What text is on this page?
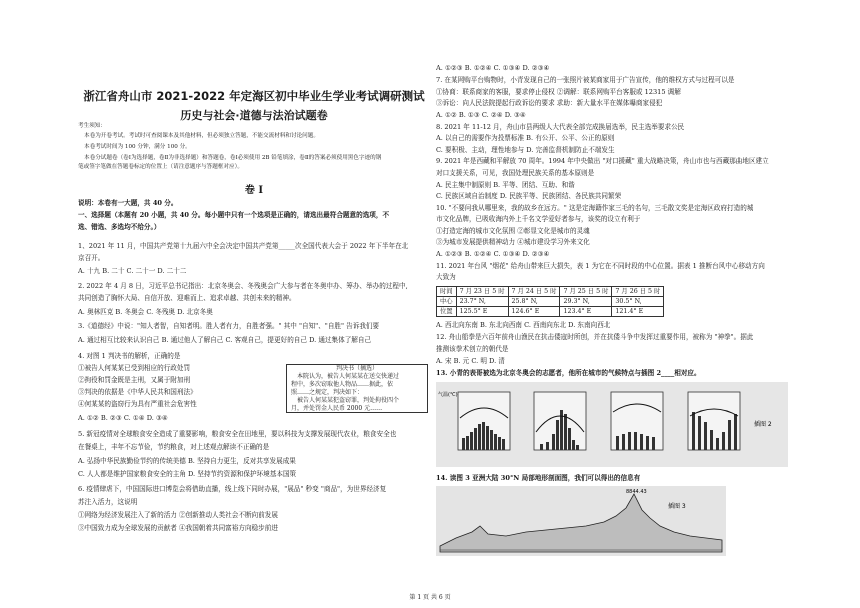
浙江省舟山市 2021-2022 年定海区初中毕业生学业考试调研测试
历史与社会·道德与法治试题卷
考生须知：
本卷为开卷考试。考试时可查阅课本及其他材料，但必须独立答题，不能交流材料和讨论问题。
本卷考试时间为 100 分钟，满分 100 分。
本卷分试题卷（卷Ⅰ为选择题，卷Ⅱ为非选择题）和答题卷，卷Ⅰ必须使用 2B 铅笔填涂，卷Ⅱ的答案必须使用黑色字迹的钢
笔或签字笔做在答题卷标定的位置上（请注意题序与答题框对应）。
卷 I
说明：本卷有一大题，共 40 分。
一、选择题（本题有 20 小题，共 40 分。每小题中只有一个选项是正确的，请选出最符合题意的选项，不
选、错选、多选均不给分。）
1、2021 年 11 月，中国共产党第十九届六中全会决定中国共产党第_____次全国代表大会于 2022 年下半年在北
京召开。
A. 十九 B. 二十 C. 二十一 D. 二十二
2. 2022 年 4 月 8 日，习近平总书记指出：北京冬奥会、冬残奥会广大参与者在冬奥申办、筹办、举办的过程中,
共同创造了胸怀大局、自信开放、迎难而上、追求卓越、共创未来的精神。
A. 奥林匹克 B. 冬奥会 C. 冬残奥 D. 北京冬奥
3.《道德经》中说："知人者智，自知者明。胜人者有力，自胜者强。" 其中 "自知"、"自胜" 告诉我们要
A. 通过相互比较来认识自己 B. 通过他人了解自己 C. 客观自己，提更好的自己 D. 通过集体了解自己
4. 对图 1 判决书的解析，正确的是
①被告人何某某已受到相应的行政处罚
②拘役和罚金既是主刑，又属于附加刑
③判决的依据是《中华人民共和国刑法》
④何某某的盗窃行为具有严重社会危害性
A. ①② B. ②③ C. ①④ D. ③④
5. 新冠疫情对全球粮食安全造成了重要影响，粮食安全在田地里，要以科技为支撑发展现代农业，粮食安全也
在餐桌上，丰年不忘节俭，节约粮食，对上述观点解读不正确的是
A. 弘扬中华民族勤俭节约的传统美德 B. 坚持自力更生，反对共享发展成果
C. 人人都是维护国家粮食安全的主角 D. 坚持节约资源和保护环境基本国策
6. 疫情肆虐下，中国国际进口博览会将借助直播，线上线下同时办展，"展品" 秒变 "商品"，为世界经济复
苏注入活力，这说明
①网络为经济发展注入了新的活力 ②创新推动人类社会不断向前发展
③中国致力成为全球发展的贡献者 ④我国朝着共同富裕方向稳步前进
判决书（摘选）
本院认为，被告人何某某在送交快递过
程中，多次窃取他人物品……据此，依
照……之规定，判决如下：
被告人何某某犯盗窃罪，判处拘役四个
月，并处罚金人民币 2000 元……
A. ①②③ B. ①②④ C. ①③④ D. ②③④
7. 在某网购平台购物时，小青发现自己的一张照片被某商家用于广告宣传，他的维权方式与过程可以是
①协商：联系商家的客服，要求停止侵权 ②调解：联系网购平台客服或 12315 调解
③诉讼：向人民法院提起行政诉讼的要求 求助：新大量水平在媒体曝商家侵犯
A. ①② B. ①③ C. ②④ D. ③④
8. 2021 年 11-12 月，舟山市县两级人大代表全部完成换届选举，民主选举要求公民
A. 以自己的需要作为投票标准 B. 有公开、公平、公正的原则
C. 要积极、主动，理性地参与 D. 完善监督机制防止不端发生
9. 2021 年是西藏和平解放 70 周年。1994 年中央做出 "对口援藏" 重大战略决策，舟山市也与西藏那曲地区建立
对口支援关系，可见，我国处理民族关系的基本原则是
A. 民主集中制原则 B. 平等、团结、互助、和谐
C. 民族区域自治制度 D. 民族平等、民族团结、各民族共同繁荣
10. "不要问我从哪里来，我的故乡在远方。" 这是定海籍作家三毛的名句，三毛散文奖是定海区政府打造的城
市文化品牌，已吸收海内外上千名文学爱好者参与，该奖的设立有利于
①打造定海的城市文化氛围 ②彰显文化是城市的灵魂
③为城市发展提供精神动力 ④城市建设学习外来文化
A. ①②③ B. ①②④ C. ①③④ D. ②③④
11. 2021 年台风 "烟花" 给舟山带来巨大损失，表 1 为它在不同时段的中心位置。据表 1 推断台风中心移动方向
大致为
时间	7 月 23 日 5 时	7 月 24 日 5 时	7 月 25 日 5 时	7 月 26 日 5 时
中心	23.7° N,	25.8° N,	29.3° N,	30.5° N,
位置	125.5° E	124.6° E	123.4° E	121.4° E
A. 西北向东南 B. 东北向西南 C. 西南向东北 D. 东南向西北
12. 舟山船拳是六百年前舟山渔民在抗击倭寇时所创，并在抗倭斗争中发挥过重要作用，被称为 "神拳"。据此
推测该拳术创立的朝代是
A. 宋 B. 元 C. 明 D. 清
13. 小青的表哥被选为北京冬奥会的志愿者，他所在城市的气候特点与插图 2____相对应。
气温(℃)
插图 2
14. 读图 3 亚洲大陆 30°N 局部地形剖面图，我们可以得出的信息有
8844.43
插图 3
第 1 页 共 6 页
